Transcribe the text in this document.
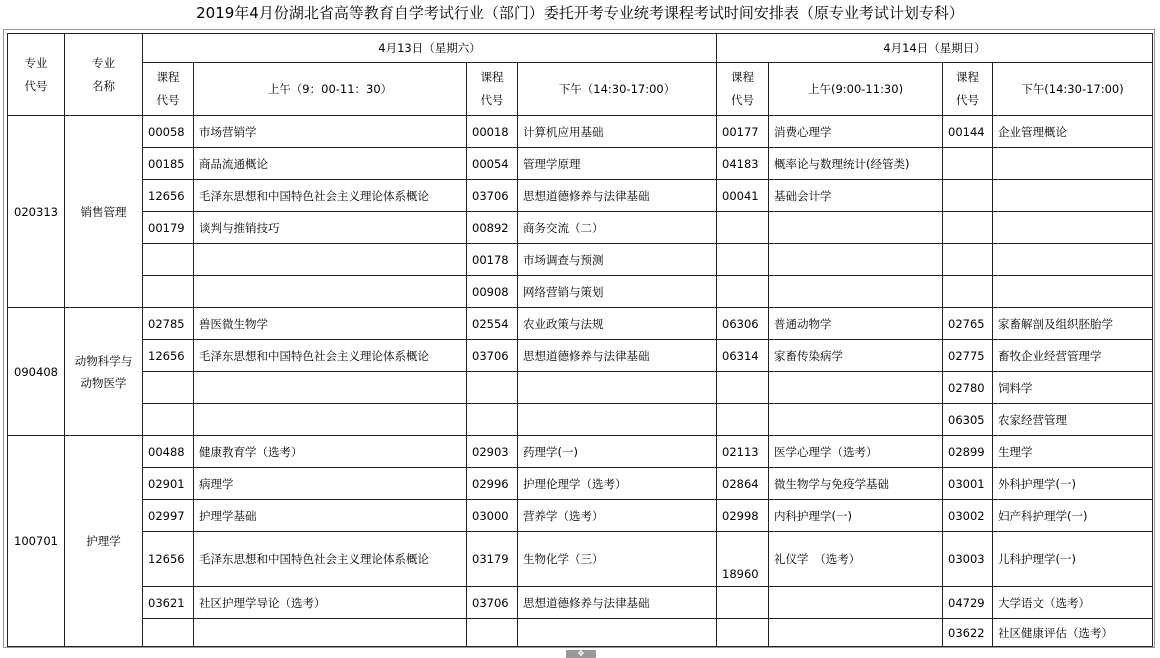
2019年4月份湖北省高等教育自学考试行业（部门）委托开考专业统考课程考试时间安排表（原专业考试计划专科）
专业代号	专业名称	4月13日（星期六）				4月14日（星期日）			
		课程代号	上午（9：00-11：30）	课程代号	下午（14:30-17:00）	课程代号	上午(9:00-11:30)	课程代号	下午(14:30-17:00)
020313	销售管理	00058	市场营销学	00018	计算机应用基础	00177	消费心理学	00144	企业管理概论
		00185	商品流通概论	00054	管理学原理	04183	概率论与数理统计(经管类)		
		12656	毛泽东思想和中国特色社会主义理论体系概论	03706	思想道德修养与法律基础	00041	基础会计学		
		00179	谈判与推销技巧	00892	商务交流（二）				
				00178	市场调查与预测				
				00908	网络营销与策划				
090408	动物科学与动物医学	02785	兽医微生物学	02554	农业政策与法规	06306	普通动物学	02765	家畜解剖及组织胚胎学
		12656	毛泽东思想和中国特色社会主义理论体系概论	03706	思想道德修养与法律基础	06314	家畜传染病学	02775	畜牧企业经营管理学
								02780	饲料学
								06305	农家经营管理
100701	护理学	00488	健康教育学（选考）	02903	药理学(一)	02113	医学心理学（选考）	02899	生理学
		02901	病理学	02996	护理伦理学（选考）	02864	微生物学与免疫学基础	03001	外科护理学(一)
		02997	护理学基础	03000	营养学（选考）	02998	内科护理学(一)	03002	妇产科护理学(一)
		12656	毛泽东思想和中国特色社会主义理论体系概论	03179	生物化学（三）	18960	礼仪学　（选考）	03003	儿科护理学(一)
		03621	社区护理学导论（选考）	03706	思想道德修养与法律基础			04729	大学语文（选考）
								03622	社区健康评估（选考）
✥
